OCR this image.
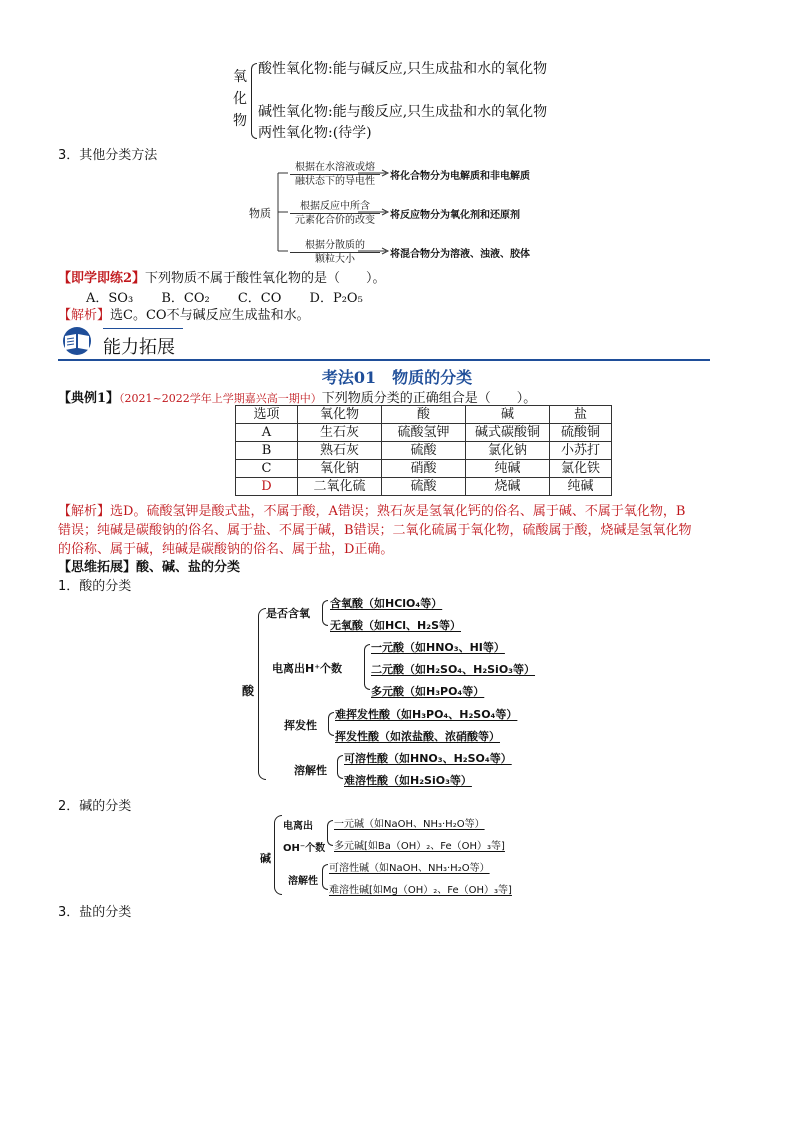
氧
化
物
酸性氧化物:能与碱反应,只生成盐和水的氧化物
碱性氧化物:能与酸反应,只生成盐和水的氧化物
两性氧化物:(待学)
3．其他分类方法
物质
根据在水溶液或熔
融状态下的导电性
根据反应中所含
元素化合价的改变
根据分散质的
颗粒大小
将化合物分为电解质和非电解质
将反应物分为氧化剂和还原剂
将混合物分为溶液、浊液、胶体
【即学即练2】下列物质不属于酸性氧化物的是（　　）。
A．SO₃ B．CO₂ C．CO D．P₂O₅
【解析】选C。CO不与碱反应生成盐和水。
能力拓展
考法01　物质的分类
【典例1】（2021~2022学年上学期嘉兴高一期中）下列物质分类的正确组合是（　　）。
选项	氧化物	酸	碱	盐
A	生石灰	硫酸氢钾	碱式碳酸铜	硫酸铜
B	熟石灰	硫酸	氯化钠	小苏打
C	氧化钠	硝酸	纯碱	氯化铁
D	二氧化硫	硫酸	烧碱	纯碱
【解析】选D。硫酸氢钾是酸式盐，不属于酸，A错误；熟石灰是氢氧化钙的俗名、属于碱、不属于氧化物，B
错误；纯碱是碳酸钠的俗名、属于盐、不属于碱，B错误；二氧化硫属于氧化物，硫酸属于酸，烧碱是氢氧化物
的俗称、属于碱，纯碱是碳酸钠的俗名、属于盐，D正确。
【思维拓展】酸、碱、盐的分类
1．酸的分类
酸
是否含氧
含氧酸（如HClO₄等）
无氧酸（如HCl、H₂S等）
电离出H⁺个数
一元酸（如HNO₃、HI等）
二元酸（如H₂SO₄、H₂SiO₃等）
多元酸（如H₃PO₄等）
挥发性
难挥发性酸（如H₃PO₄、H₂SO₄等）
挥发性酸（如浓盐酸、浓硝酸等）
溶解性
可溶性酸（如HNO₃、H₂SO₄等）
难溶性酸（如H₂SiO₃等）
2．碱的分类
碱
电离出
OH⁻个数
一元碱（如NaOH、NH₃·H₂O等）
多元碱[如Ba（OH）₂、Fe（OH）₃等]
溶解性
可溶性碱（如NaOH、NH₃·H₂O等）
难溶性碱[如Mg（OH）₂、Fe（OH）₃等]
3．盐的分类
